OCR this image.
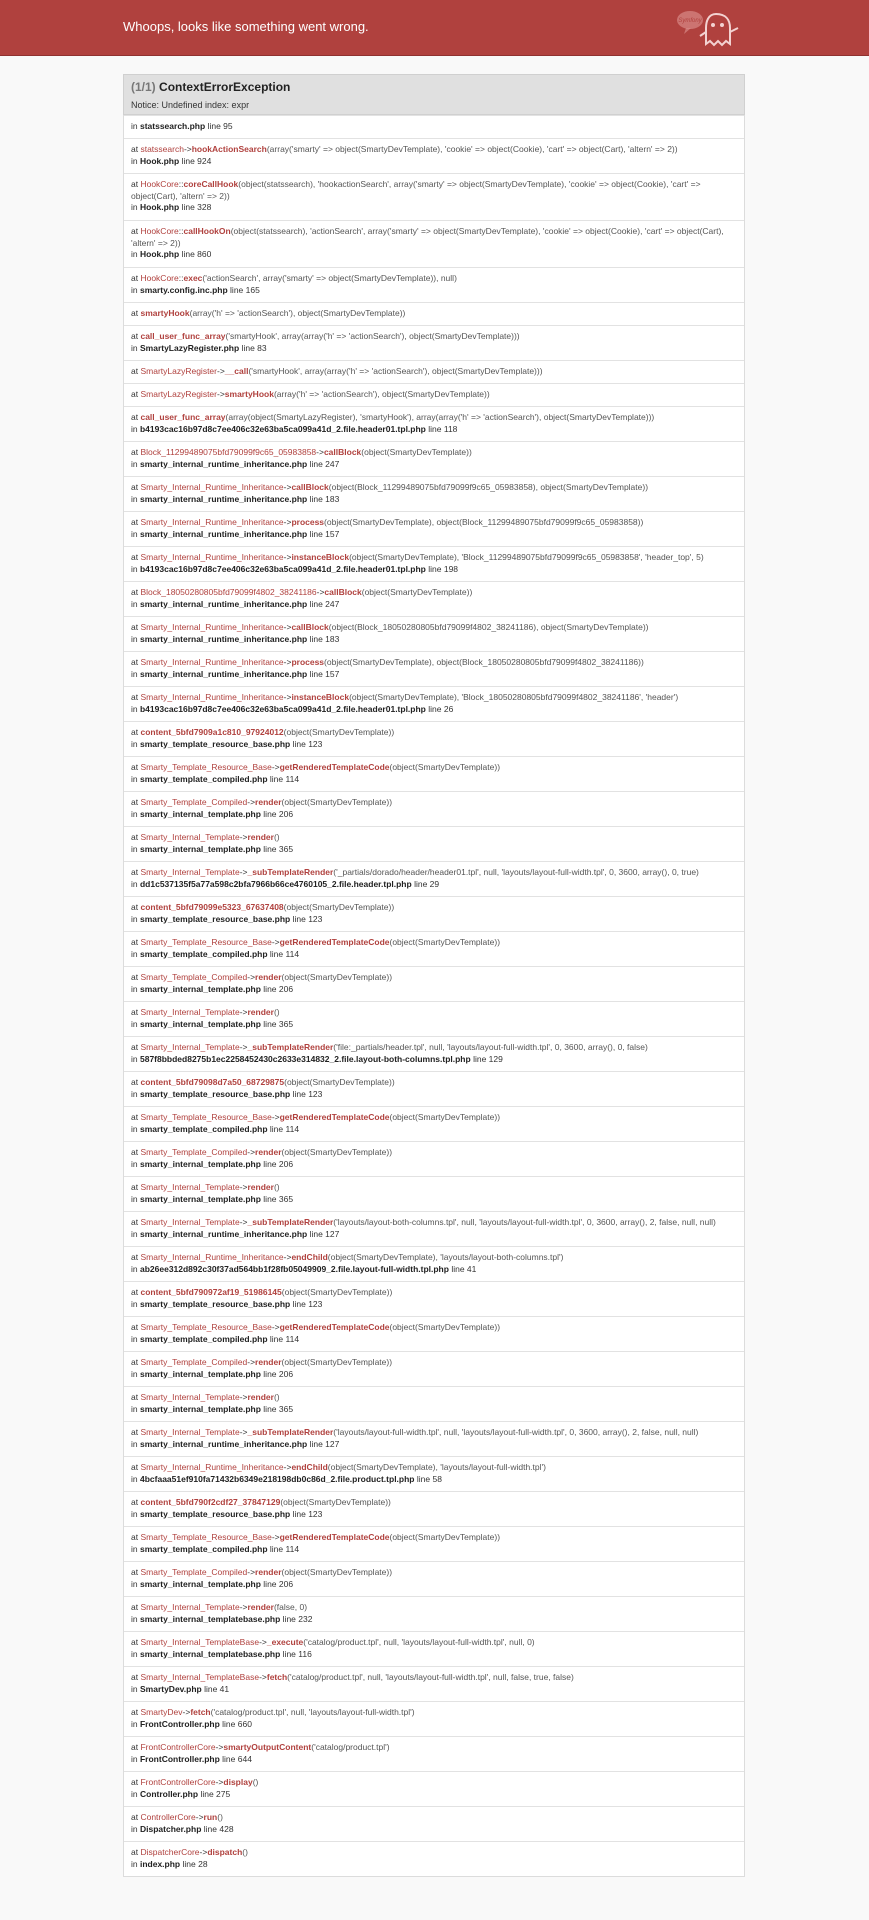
Whoops, looks like something went wrong.	Symfony
(1/1) ContextErrorException
Notice: Undefined index: expr
in statssearch.php line 95
at statssearch->hookActionSearch(array('smarty' => object(SmartyDevTemplate), 'cookie' => object(Cookie), 'cart' => object(Cart), 'altern' => 2))
in Hook.php line 924
at HookCore::coreCallHook(object(statssearch), 'hookactionSearch', array('smarty' => object(SmartyDevTemplate), 'cookie' => object(Cookie), 'cart' => object(Cart), 'altern' => 2))
in Hook.php line 328
at HookCore::callHookOn(object(statssearch), 'actionSearch', array('smarty' => object(SmartyDevTemplate), 'cookie' => object(Cookie), 'cart' => object(Cart), 'altern' => 2))
in Hook.php line 860
at HookCore::exec('actionSearch', array('smarty' => object(SmartyDevTemplate)), null)
in smarty.config.inc.php line 165
at smartyHook(array('h' => 'actionSearch'), object(SmartyDevTemplate))
at call_user_func_array('smartyHook', array(array('h' => 'actionSearch'), object(SmartyDevTemplate)))
in SmartyLazyRegister.php line 83
at SmartyLazyRegister->__call('smartyHook', array(array('h' => 'actionSearch'), object(SmartyDevTemplate)))
at SmartyLazyRegister->smartyHook(array('h' => 'actionSearch'), object(SmartyDevTemplate))
at call_user_func_array(array(object(SmartyLazyRegister), 'smartyHook'), array(array('h' => 'actionSearch'), object(SmartyDevTemplate)))
in b4193cac16b97d8c7ee406c32e63ba5ca099a41d_2.file.header01.tpl.php line 118
at Block_11299489075bfd79099f9c65_05983858->callBlock(object(SmartyDevTemplate))
in smarty_internal_runtime_inheritance.php line 247
at Smarty_Internal_Runtime_Inheritance->callBlock(object(Block_11299489075bfd79099f9c65_05983858), object(SmartyDevTemplate))
in smarty_internal_runtime_inheritance.php line 183
at Smarty_Internal_Runtime_Inheritance->process(object(SmartyDevTemplate), object(Block_11299489075bfd79099f9c65_05983858))
in smarty_internal_runtime_inheritance.php line 157
at Smarty_Internal_Runtime_Inheritance->instanceBlock(object(SmartyDevTemplate), 'Block_11299489075bfd79099f9c65_05983858', 'header_top', 5)
in b4193cac16b97d8c7ee406c32e63ba5ca099a41d_2.file.header01.tpl.php line 198
at Block_18050280805bfd79099f4802_38241186->callBlock(object(SmartyDevTemplate))
in smarty_internal_runtime_inheritance.php line 247
at Smarty_Internal_Runtime_Inheritance->callBlock(object(Block_18050280805bfd79099f4802_38241186), object(SmartyDevTemplate))
in smarty_internal_runtime_inheritance.php line 183
at Smarty_Internal_Runtime_Inheritance->process(object(SmartyDevTemplate), object(Block_18050280805bfd79099f4802_38241186))
in smarty_internal_runtime_inheritance.php line 157
at Smarty_Internal_Runtime_Inheritance->instanceBlock(object(SmartyDevTemplate), 'Block_18050280805bfd79099f4802_38241186', 'header')
in b4193cac16b97d8c7ee406c32e63ba5ca099a41d_2.file.header01.tpl.php line 26
at content_5bfd7909a1c810_97924012(object(SmartyDevTemplate))
in smarty_template_resource_base.php line 123
at Smarty_Template_Resource_Base->getRenderedTemplateCode(object(SmartyDevTemplate))
in smarty_template_compiled.php line 114
at Smarty_Template_Compiled->render(object(SmartyDevTemplate))
in smarty_internal_template.php line 206
at Smarty_Internal_Template->render()
in smarty_internal_template.php line 365
at Smarty_Internal_Template->_subTemplateRender('_partials/dorado/header/header01.tpl', null, 'layouts/layout-full-width.tpl', 0, 3600, array(), 0, true)
in dd1c537135f5a77a598c2bfa7966b66ce4760105_2.file.header.tpl.php line 29
at content_5bfd79099e5323_67637408(object(SmartyDevTemplate))
in smarty_template_resource_base.php line 123
at Smarty_Template_Resource_Base->getRenderedTemplateCode(object(SmartyDevTemplate))
in smarty_template_compiled.php line 114
at Smarty_Template_Compiled->render(object(SmartyDevTemplate))
in smarty_internal_template.php line 206
at Smarty_Internal_Template->render()
in smarty_internal_template.php line 365
at Smarty_Internal_Template->_subTemplateRender('file:_partials/header.tpl', null, 'layouts/layout-full-width.tpl', 0, 3600, array(), 0, false)
in 587f8bbded8275b1ec2258452430c2633e314832_2.file.layout-both-columns.tpl.php line 129
at content_5bfd79098d7a50_68729875(object(SmartyDevTemplate))
in smarty_template_resource_base.php line 123
at Smarty_Template_Resource_Base->getRenderedTemplateCode(object(SmartyDevTemplate))
in smarty_template_compiled.php line 114
at Smarty_Template_Compiled->render(object(SmartyDevTemplate))
in smarty_internal_template.php line 206
at Smarty_Internal_Template->render()
in smarty_internal_template.php line 365
at Smarty_Internal_Template->_subTemplateRender('layouts/layout-both-columns.tpl', null, 'layouts/layout-full-width.tpl', 0, 3600, array(), 2, false, null, null)
in smarty_internal_runtime_inheritance.php line 127
at Smarty_Internal_Runtime_Inheritance->endChild(object(SmartyDevTemplate), 'layouts/layout-both-columns.tpl')
in ab26ee312d892c30f37ad564bb1f28fb05049909_2.file.layout-full-width.tpl.php line 41
at content_5bfd790972af19_51986145(object(SmartyDevTemplate))
in smarty_template_resource_base.php line 123
at Smarty_Template_Resource_Base->getRenderedTemplateCode(object(SmartyDevTemplate))
in smarty_template_compiled.php line 114
at Smarty_Template_Compiled->render(object(SmartyDevTemplate))
in smarty_internal_template.php line 206
at Smarty_Internal_Template->render()
in smarty_internal_template.php line 365
at Smarty_Internal_Template->_subTemplateRender('layouts/layout-full-width.tpl', null, 'layouts/layout-full-width.tpl', 0, 3600, array(), 2, false, null, null)
in smarty_internal_runtime_inheritance.php line 127
at Smarty_Internal_Runtime_Inheritance->endChild(object(SmartyDevTemplate), 'layouts/layout-full-width.tpl')
in 4bcfaaa51ef910fa71432b6349e218198db0c86d_2.file.product.tpl.php line 58
at content_5bfd790f2cdf27_37847129(object(SmartyDevTemplate))
in smarty_template_resource_base.php line 123
at Smarty_Template_Resource_Base->getRenderedTemplateCode(object(SmartyDevTemplate))
in smarty_template_compiled.php line 114
at Smarty_Template_Compiled->render(object(SmartyDevTemplate))
in smarty_internal_template.php line 206
at Smarty_Internal_Template->render(false, 0)
in smarty_internal_templatebase.php line 232
at Smarty_Internal_TemplateBase->_execute('catalog/product.tpl', null, 'layouts/layout-full-width.tpl', null, 0)
in smarty_internal_templatebase.php line 116
at Smarty_Internal_TemplateBase->fetch('catalog/product.tpl', null, 'layouts/layout-full-width.tpl', null, false, true, false)
in SmartyDev.php line 41
at SmartyDev->fetch('catalog/product.tpl', null, 'layouts/layout-full-width.tpl')
in FrontController.php line 660
at FrontControllerCore->smartyOutputContent('catalog/product.tpl')
in FrontController.php line 644
at FrontControllerCore->display()
in Controller.php line 275
at ControllerCore->run()
in Dispatcher.php line 428
at DispatcherCore->dispatch()
in index.php line 28
